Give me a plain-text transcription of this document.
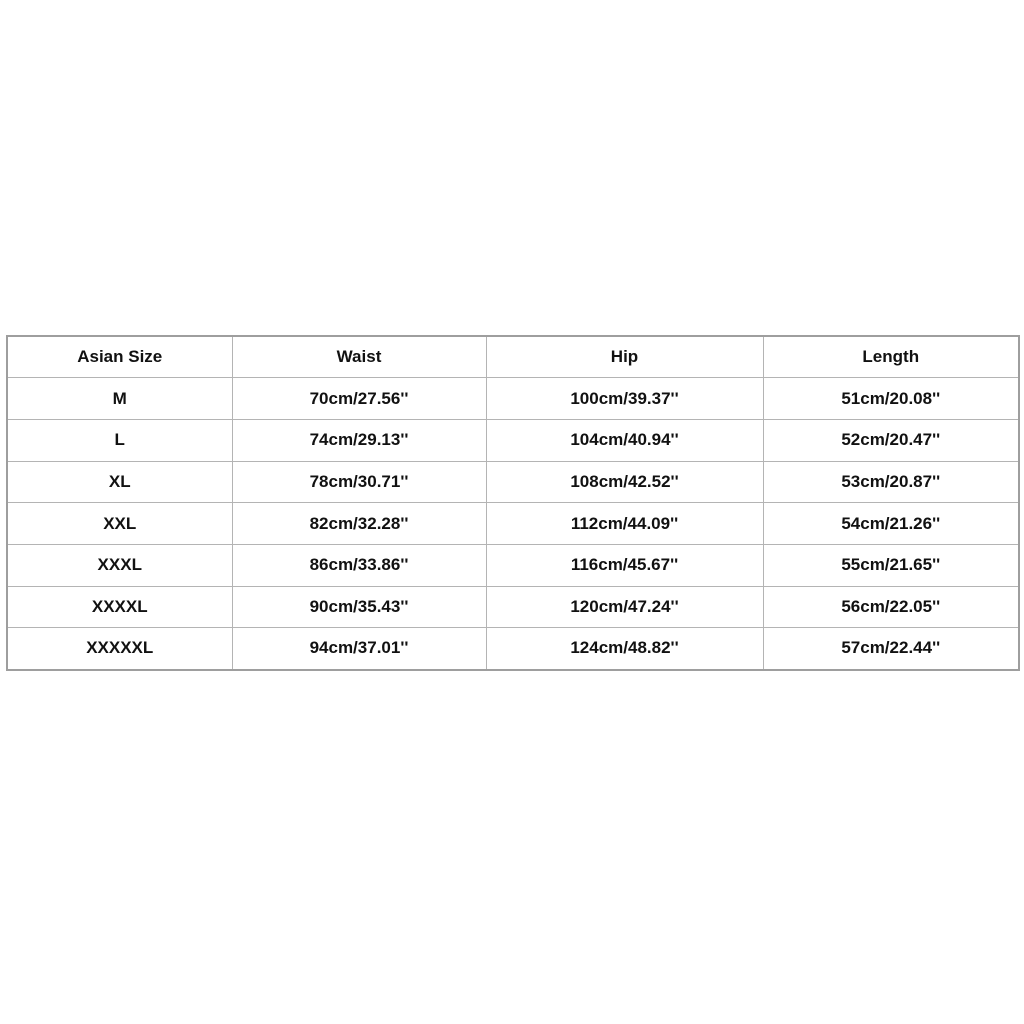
Asian Size	Waist	Hip	Length
M	70cm/27.56''	100cm/39.37''	51cm/20.08''
L	74cm/29.13''	104cm/40.94''	52cm/20.47''
XL	78cm/30.71''	108cm/42.52''	53cm/20.87''
XXL	82cm/32.28''	112cm/44.09''	54cm/21.26''
XXXL	86cm/33.86''	116cm/45.67''	55cm/21.65''
XXXXL	90cm/35.43''	120cm/47.24''	56cm/22.05''
XXXXXL	94cm/37.01''	124cm/48.82''	57cm/22.44''
